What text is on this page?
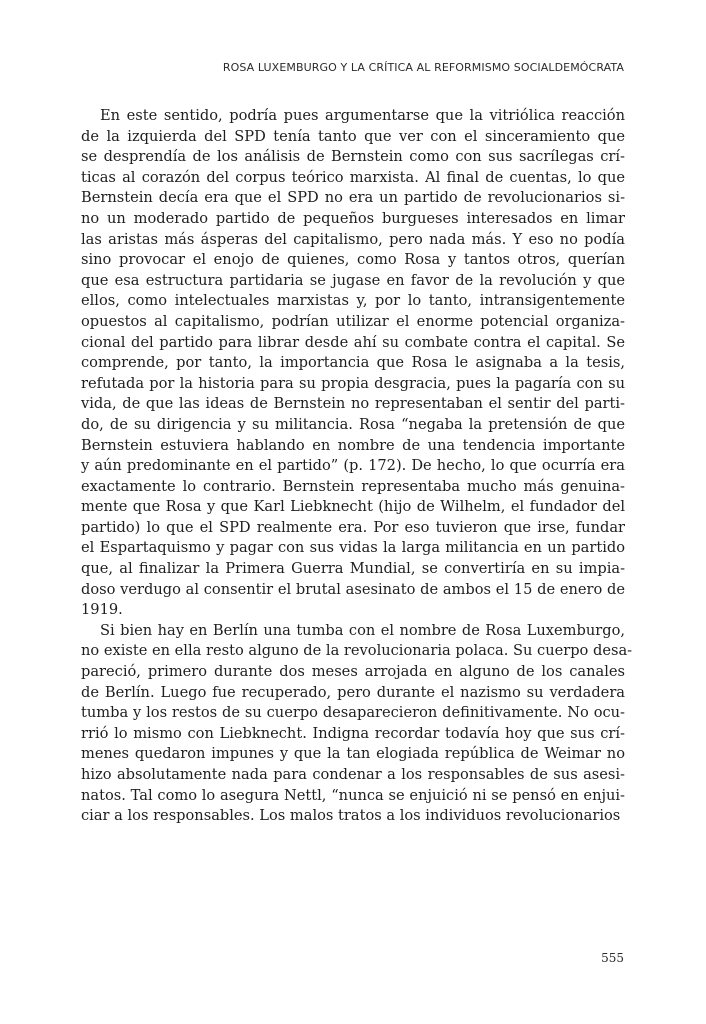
ROSA LUXEMBURGO Y LA CRÍTICA AL REFORMISMO SOCIALDEMÓCRATA
En este sentido, podría pues argumentarse que la vitriólica reacción
de la izquierda del SPD tenía tanto que ver con el sinceramiento que
se desprendía de los análisis de Bernstein como con sus sacrílegas crí-
ticas al corazón del corpus teórico marxista. Al final de cuentas, lo que
Bernstein decía era que el SPD no era un partido de revolucionarios si-
no un moderado partido de pequeños burgueses interesados en limar
las aristas más ásperas del capitalismo, pero nada más. Y eso no podía
sino provocar el enojo de quienes, como Rosa y tantos otros, querían
que esa estructura partidaria se jugase en favor de la revolución y que
ellos, como intelectuales marxistas y, por lo tanto, intransigentemente
opuestos al capitalismo, podrían utilizar el enorme potencial organiza-
cional del partido para librar desde ahí su combate contra el capital. Se
comprende, por tanto, la importancia que Rosa le asignaba a la tesis,
refutada por la historia para su propia desgracia, pues la pagaría con su
vida, de que las ideas de Bernstein no representaban el sentir del parti-
do, de su dirigencia y su militancia. Rosa “negaba la pretensión de que
Bernstein estuviera hablando en nombre de una tendencia importante
y aún predominante en el partido” (p. 172). De hecho, lo que ocurría era
exactamente lo contrario. Bernstein representaba mucho más genuina-
mente que Rosa y que Karl Liebknecht (hijo de Wilhelm, el fundador del
partido) lo que el SPD realmente era. Por eso tuvieron que irse, fundar
el Espartaquismo y pagar con sus vidas la larga militancia en un partido
que, al finalizar la Primera Guerra Mundial, se convertiría en su impia-
doso verdugo al consentir el brutal asesinato de ambos el 15 de enero de
1919.
Si bien hay en Berlín una tumba con el nombre de Rosa Luxemburgo,
no existe en ella resto alguno de la revolucionaria polaca. Su cuerpo desa-
pareció, primero durante dos meses arrojada en alguno de los canales
de Berlín. Luego fue recuperado, pero durante el nazismo su verdadera
tumba y los restos de su cuerpo desaparecieron definitivamente. No ocu-
rrió lo mismo con Liebknecht. Indigna recordar todavía hoy que sus crí-
menes quedaron impunes y que la tan elogiada república de Weimar no
hizo absolutamente nada para condenar a los responsables de sus asesi-
natos. Tal como lo asegura Nettl, “nunca se enjuició ni se pensó en enjui-
ciar a los responsables. Los malos tratos a los individuos revolucionarios
555
